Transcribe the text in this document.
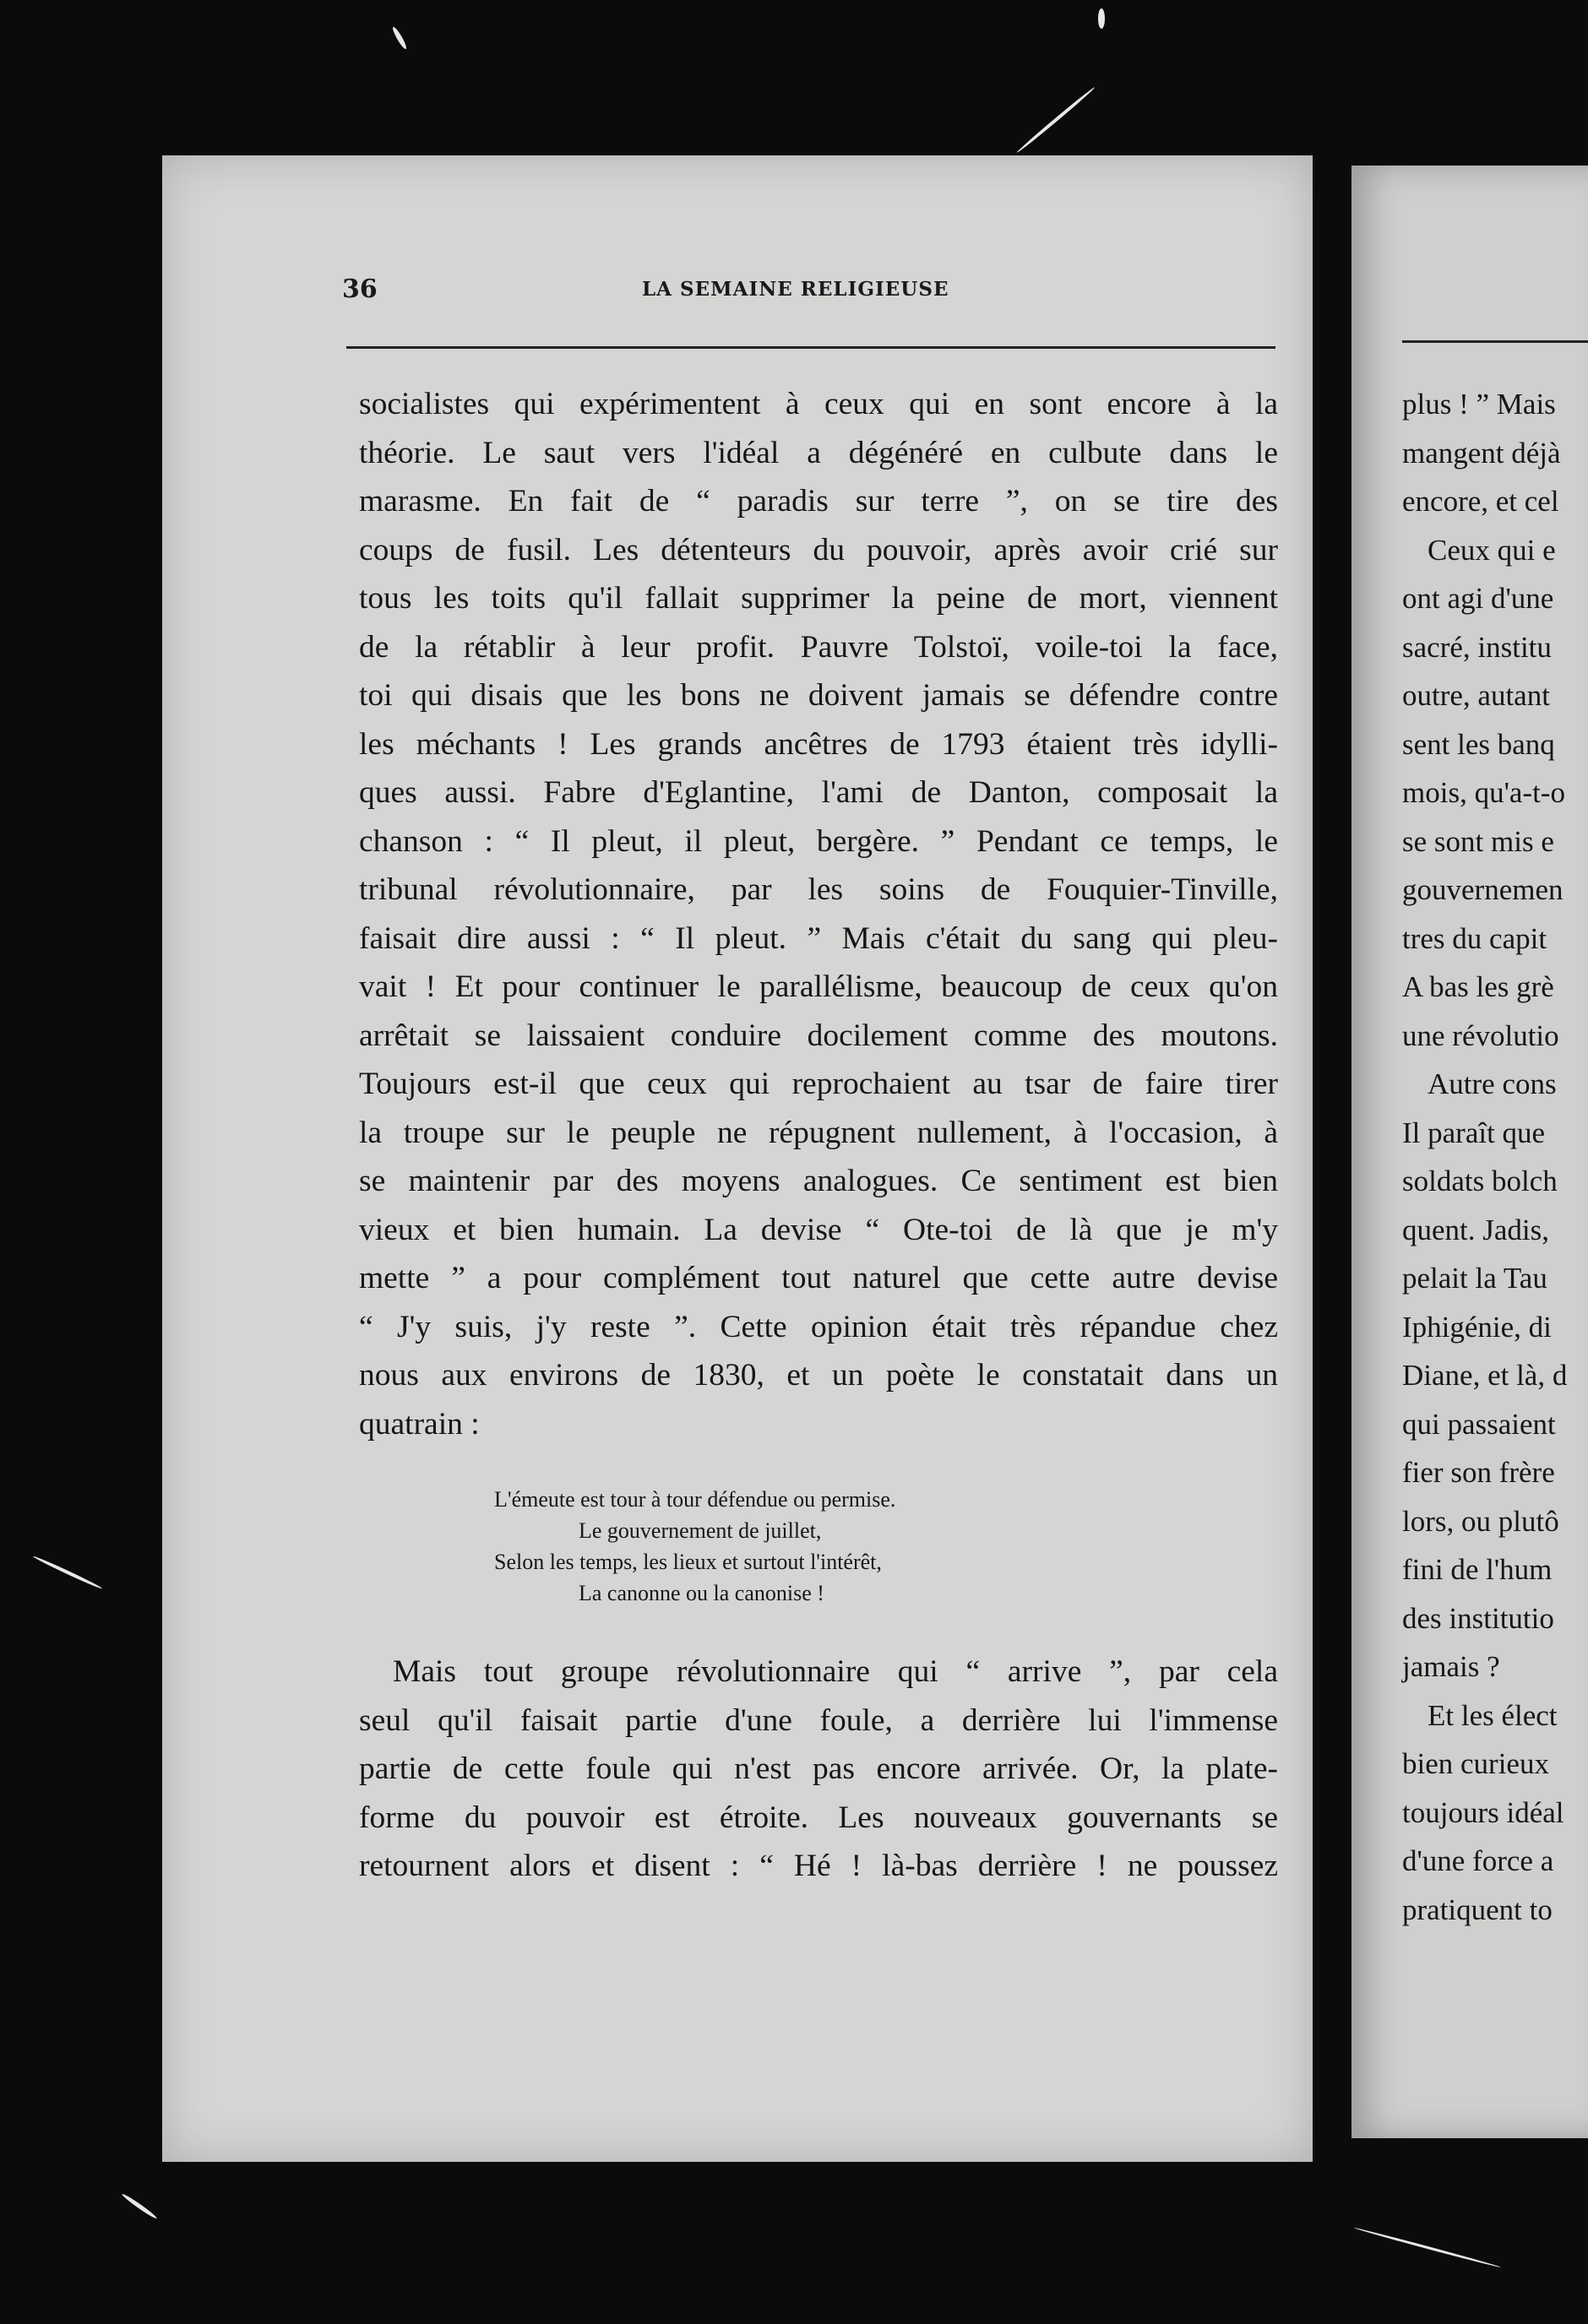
36	LA SEMAINE RELIGIEUSE

socialistes qui expérimentent à ceux qui en sont encore à la
théorie. Le saut vers l'idéal a dégénéré en culbute dans le
marasme. En fait de “ paradis sur terre ”, on se tire des
coups de fusil. Les détenteurs du pouvoir, après avoir crié sur
tous les toits qu'il fallait supprimer la peine de mort, viennent
de la rétablir à leur profit. Pauvre Tolstoï, voile-toi la face,
toi qui disais que les bons ne doivent jamais se défendre contre
les méchants ! Les grands ancêtres de 1793 étaient très idylli-
ques aussi. Fabre d'Eglantine, l'ami de Danton, composait la
chanson : “ Il pleut, il pleut, bergère. ” Pendant ce temps, le
tribunal révolutionnaire, par les soins de Fouquier-Tinville,
faisait dire aussi : “ Il pleut. ” Mais c'était du sang qui pleu-
vait ! Et pour continuer le parallélisme, beaucoup de ceux qu'on
arrêtait se laissaient conduire docilement comme des moutons.
Toujours est-il que ceux qui reprochaient au tsar de faire tirer
la troupe sur le peuple ne répugnent nullement, à l'occasion, à
se maintenir par des moyens analogues. Ce sentiment est bien
vieux et bien humain. La devise “ Ote-toi de là que je m'y
mette ” a pour complément tout naturel que cette autre devise
“ J'y suis, j'y reste ”. Cette opinion était très répandue chez
nous aux environs de 1830, et un poète le constatait dans un
quatrain :

L'émeute est tour à tour défendue ou permise.
Le gouvernement de juillet,
Selon les temps, les lieux et surtout l'intérêt,
La canonne ou la canonise !

Mais tout groupe révolutionnaire qui “ arrive ”, par cela
seul qu'il faisait partie d'une foule, a derrière lui l'immense
partie de cette foule qui n'est pas encore arrivée. Or, la plate-
forme du pouvoir est étroite. Les nouveaux gouvernants se
retournent alors et disent : “ Hé ! là-bas derrière ! ne poussez

plus ! ” Mais
mangent déjà
encore, et cel
Ceux qui e
ont agi d'une
sacré, institu
outre, autant
sent les banq
mois, qu'a-t-o
se sont mis e
gouvernemen
tres du capit
A bas les grè
une révolutio
Autre cons
Il paraît que
soldats bolch
quent. Jadis,
pelait la Tau
Iphigénie, di
Diane, et là, d
qui passaient
fier son frère
lors, ou plutô
fini de l'hum
des institutio
jamais ?
Et les élect
bien curieux
toujours idéal
d'une force a
pratiquent to
